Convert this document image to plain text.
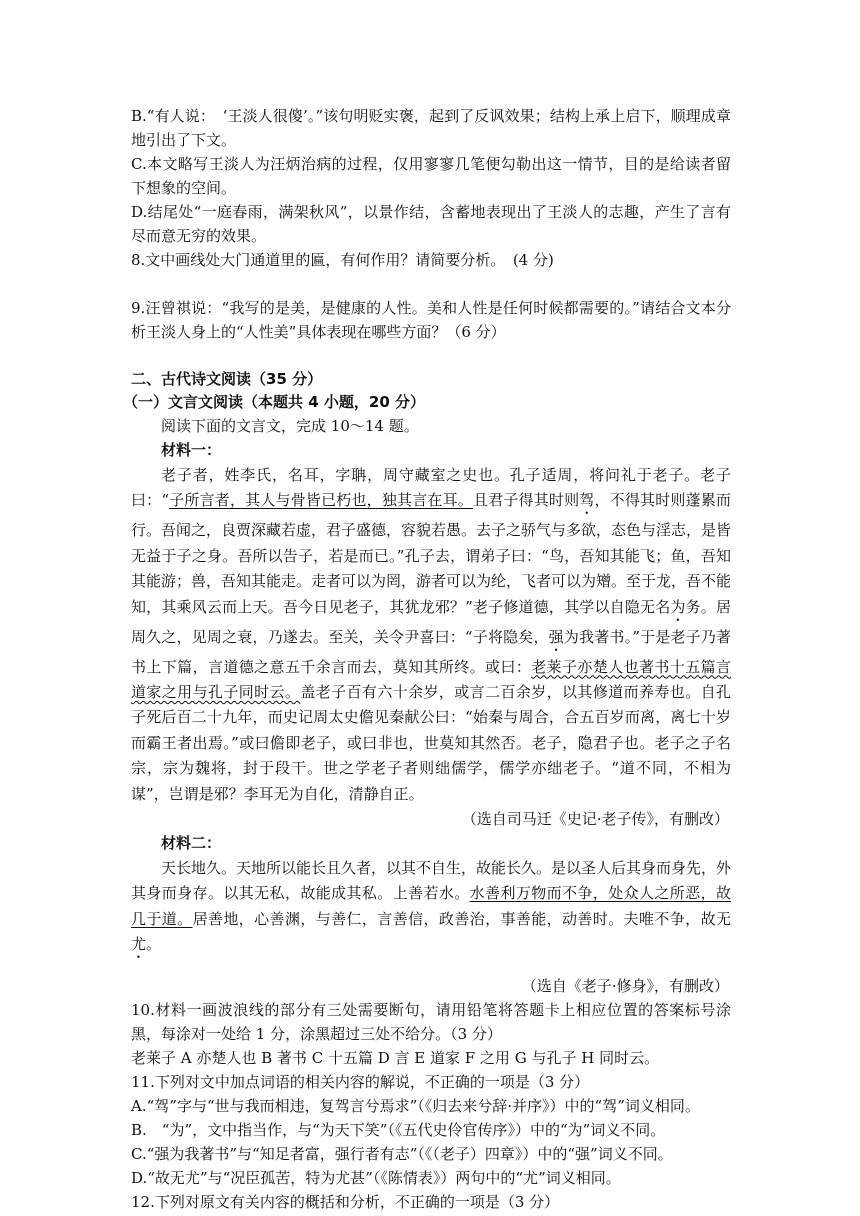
B.“有人说：　‘王淡人很傻’。”该句明贬实褒，起到了反讽效果；结构上承上启下，顺理成章地引出了下文。

C.本文略写王淡人为汪炳治病的过程，仅用寥寥几笔便勾勒出这一情节，目的是给读者留下想象的空间。

D.结尾处“一庭春雨，满架秋风”，以景作结，含蓄地表现出了王淡人的志趣，产生了言有尽而意无穷的效果。

8.文中画线处大门通道里的匾，有何作用？请简要分析。　(4 分)

9.汪曾祺说：“我写的是美，是健康的人性。美和人性是任何时候都需要的。”请结合文本分析王淡人身上的“人性美”具体表现在哪些方面？（6 分）

二、古代诗文阅读（35 分）

（一）文言文阅读（本题共 4 小题，20 分）

阅读下面的文言文，完成 10～14 题。

材料一：

老子者，姓李氏，名耳，字聃，周守藏室之史也。孔子适周，将问礼于老子。老子曰：“子所言者，其人与骨皆已朽也，独其言在耳。且君子得其时则驾，不得其时则蓬累而行。吾闻之，良贾深藏若虚，君子盛德，容貌若愚。去子之骄气与多欲，态色与淫志，是皆无益于子之身。吾所以告子，若是而已。”孔子去，谓弟子曰：“鸟，吾知其能飞；鱼，吾知其能游；兽，吾知其能走。走者可以为罔，游者可以为纶，飞者可以为矰。至于龙，吾不能知，其乘风云而上天。吾今日见老子，其犹龙邪？”老子修道德，其学以自隐无名为务。居周久之，见周之衰，乃遂去。至关，关令尹喜曰：“子将隐矣，强为我著书。”于是老子乃著书上下篇，言道德之意五千余言而去，莫知其所终。或曰：老莱子亦楚人也著书十五篇言道家之用与孔子同时云。盖老子百有六十余岁，或言二百余岁，以其修道而养寿也。自孔子死后百二十九年，而史记周太史儋见秦献公曰：“始秦与周合，合五百岁而离，离七十岁而霸王者出焉。”或曰儋即老子，或曰非也，世莫知其然否。老子，隐君子也。老子之子名宗，宗为魏将，封于段干。世之学老子者则绌儒学，儒学亦绌老子。“道不同，不相为谋”，岂谓是邪？李耳无为自化，清静自正。

（选自司马迁《史记·老子传》，有删改）

材料二：

天长地久。天地所以能长且久者，以其不自生，故能长久。是以圣人后其身而身先，外其身而身存。以其无私，故能成其私。上善若水。水善利万物而不争，处众人之所恶，故几于道。居善地，心善渊，与善仁，言善信，政善治，事善能，动善时。夫唯不争，故无尤。

（选自《老子·修身》，有删改）

10.材料一画波浪线的部分有三处需要断句，请用铅笔将答题卡上相应位置的答案标号涂黑，每涂对一处给 1 分，涂黑超过三处不给分。（3 分）

老莱子 A 亦楚人也 B 著书 C 十五篇 D 言 E 道家 F 之用 G 与孔子 H 同时云。

11.下列对文中加点词语的相关内容的解说，不正确的一项是（3 分）

A.“驾”字与“世与我而相违，复驾言兮焉求”（《归去来兮辞·并序》）中的“驾”词义相同。

B.　“为”，文中指当作，与“为天下笑”（《五代史伶官传序》）中的“为”词义不同。

C.“强为我著书”与“知足者富，强行者有志”（《（老子）四章》）中的“强”词义不同。

D.“故无尤”与“况臣孤苦，特为尤甚”（《陈情表》）两句中的“尤”词义相同。

12.下列对原文有关内容的概括和分析，不正确的一项是（3 分）
